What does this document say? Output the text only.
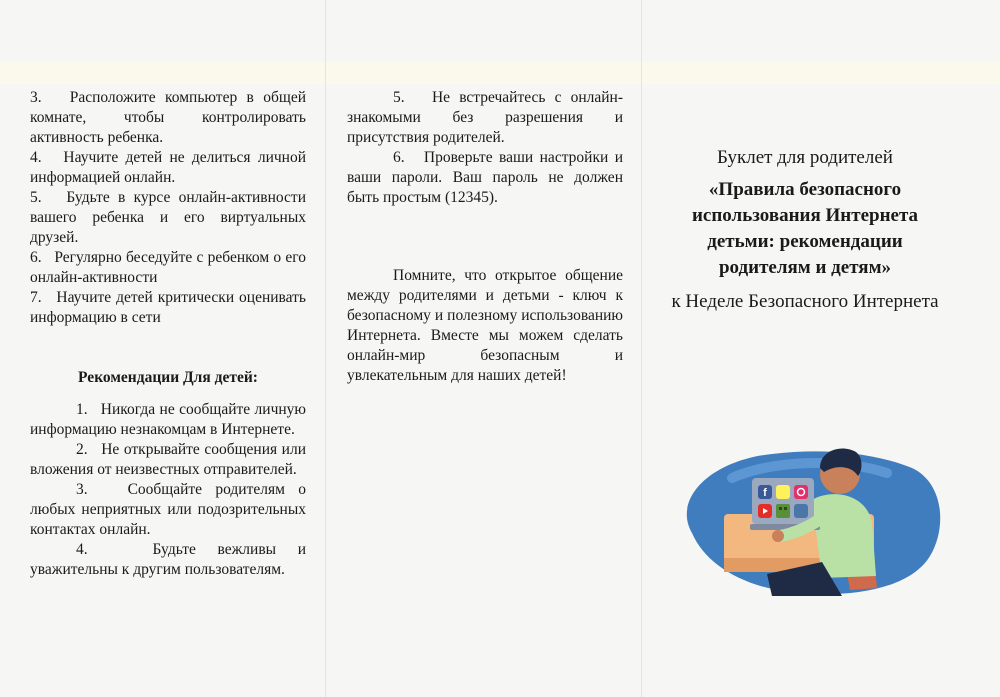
3.   Расположите компьютер в общей комнате, чтобы контролировать активность ребенка.

4.   Научите детей не делиться личной информацией онлайн.

5.   Будьте в курсе онлайн-активности вашего ребенка и его виртуальных друзей.

6.   Регулярно беседуйте с ребенком о его онлайн-активности

7.   Научите детей критически оценивать информацию в сети

Рекомендации Для детей:

1.   Никогда не сообщайте личную информацию незнакомцам в Интернете.

2.   Не открывайте сообщения или вложения от неизвестных отправителей.

3.   Сообщайте родителям о любых неприятных или подозрительных контактах онлайн.

4.   Будьте вежливы и уважительны к другим пользователям.

5.   Не встречайтесь с онлайн-знакомыми без разрешения и присутствия родителей.

6.   Проверьте ваши настройки и ваши пароли. Ваш пароль не должен быть простым (12345).

Помните, что открытое общение между родителями и детьми - ключ к безопасному и полезному использованию Интернета. Вместе мы можем сделать онлайн-мир безопасным и увлекательным для наших детей!

Буклет для родителей
«Правила безопасного использования Интернета детьми: рекомендации родителям и детям»
к Неделе Безопасного Интернета
f
